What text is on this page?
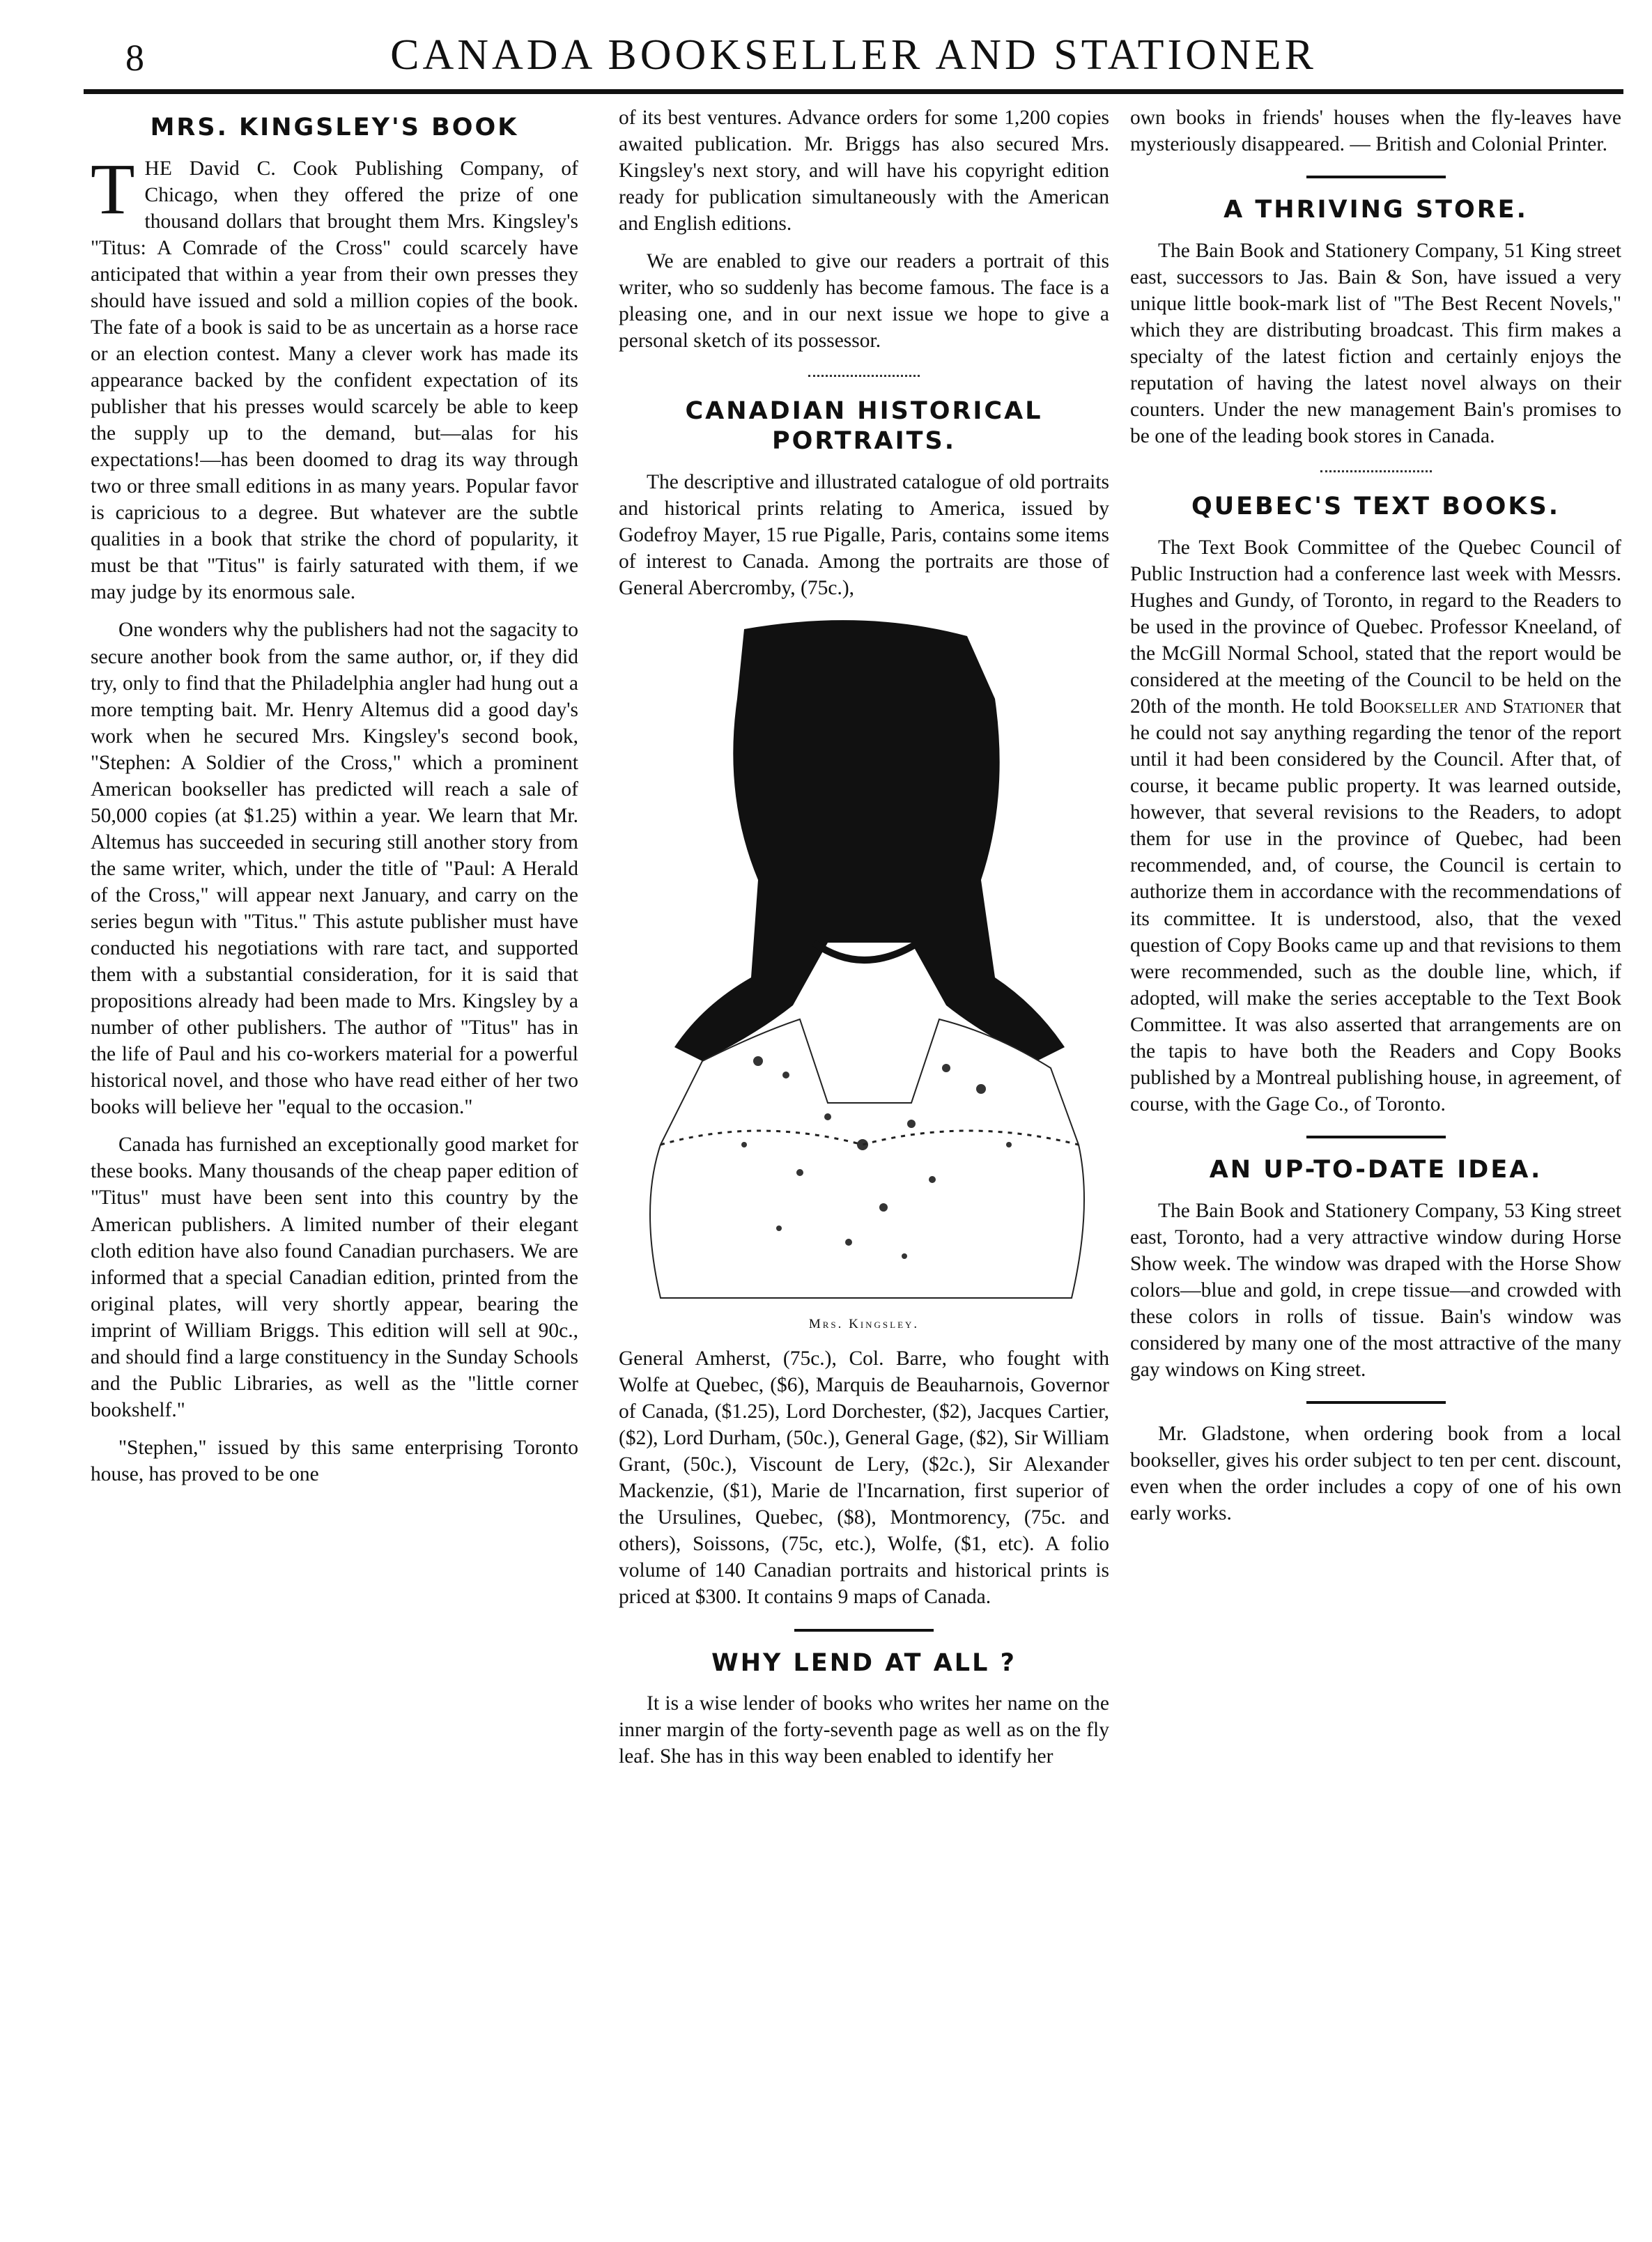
8	CANADA BOOKSELLER AND STATIONER
MRS. KINGSLEY'S BOOK
T HE David C. Cook Publishing Company, of Chicago, when they offered the prize of one thousand dollars that brought them Mrs. Kingsley's "Titus: A Comrade of the Cross" could scarcely have anticipated that within a year from their own presses they should have issued and sold a million copies of the book. The fate of a book is said to be as uncertain as a horse race or an election contest. Many a clever work has made its appearance backed by the confident expectation of its publisher that his presses would scarcely be able to keep the supply up to the demand, but—alas for his expectations!—has been doomed to drag its way through two or three small editions in as many years. Popular favor is capricious to a degree. But whatever are the subtle qualities in a book that strike the chord of popularity, it must be that "Titus" is fairly saturated with them, if we may judge by its enormous sale.

One wonders why the publishers had not the sagacity to secure another book from the same author, or, if they did try, only to find that the Philadelphia angler had hung out a more tempting bait. Mr. Henry Altemus did a good day's work when he secured Mrs. Kingsley's second book, "Stephen: A Soldier of the Cross," which a prominent American bookseller has predicted will reach a sale of 50,000 copies (at $1.25) within a year. We learn that Mr. Altemus has succeeded in securing still another story from the same writer, which, under the title of "Paul: A Herald of the Cross," will appear next January, and carry on the series begun with "Titus." This astute publisher must have conducted his negotiations with rare tact, and supported them with a substantial consideration, for it is said that propositions already had been made to Mrs. Kingsley by a number of other publishers. The author of "Titus" has in the life of Paul and his co-workers material for a powerful historical novel, and those who have read either of her two books will believe her "equal to the occasion."

Canada has furnished an exceptionally good market for these books. Many thousands of the cheap paper edition of "Titus" must have been sent into this country by the American publishers. A limited number of their elegant cloth edition have also found Canadian purchasers. We are informed that a special Canadian edition, printed from the original plates, will very shortly appear, bearing the imprint of William Briggs. This edition will sell at 90c., and should find a large constituency in the Sunday Schools and the Public Libraries, as well as the "little corner bookshelf."

"Stephen," issued by this same enterprising Toronto house, has proved to be one

of its best ventures. Advance orders for some 1,200 copies awaited publication. Mr. Briggs has also secured Mrs. Kingsley's next story, and will have his copyright edition ready for publication simultaneously with the American and English editions.

We are enabled to give our readers a portrait of this writer, who so suddenly has become famous. The face is a pleasing one, and in our next issue we hope to give a personal sketch of its possessor.

CANADIAN HISTORICAL PORTRAITS.

The descriptive and illustrated catalogue of old portraits and historical prints relating to America, issued by Godefroy Mayer, 15 rue Pigalle, Paris, contains some items of interest to Canada. Among the portraits are those of General Abercromby, (75c.),

Mrs. Kingsley.

General Amherst, (75c.), Col. Barre, who fought with Wolfe at Quebec, ($6), Marquis de Beauharnois, Governor of Canada, ($1.25), Lord Dorchester, ($2), Jacques Cartier, ($2), Lord Durham, (50c.), General Gage, ($2), Sir William Grant, (50c.), Viscount de Lery, ($2c.), Sir Alexander Mackenzie, ($1), Marie de l'Incarnation, first superior of the Ursulines, Quebec, ($8), Montmorency, (75c. and others), Soissons, (75c, etc.), Wolfe, ($1, etc). A folio volume of 140 Canadian portraits and historical prints is priced at $300. It contains 9 maps of Canada.

WHY LEND AT ALL ?

It is a wise lender of books who writes her name on the inner margin of the forty-seventh page as well as on the fly leaf. She has in this way been enabled to identify her

own books in friends' houses when the fly-leaves have mysteriously disappeared. — British and Colonial Printer.

A THRIVING STORE.

The Bain Book and Stationery Company, 51 King street east, successors to Jas. Bain & Son, have issued a very unique little book-mark list of "The Best Recent Novels," which they are distributing broadcast. This firm makes a specialty of the latest fiction and certainly enjoys the reputation of having the latest novel always on their counters. Under the new management Bain's promises to be one of the leading book stores in Canada.

QUEBEC'S TEXT BOOKS.

The Text Book Committee of the Quebec Council of Public Instruction had a conference last week with Messrs. Hughes and Gundy, of Toronto, in regard to the Readers to be used in the province of Quebec. Professor Kneeland, of the McGill Normal School, stated that the report would be considered at the meeting of the Council to be held on the 20th of the month. He told Bookseller and Stationer that he could not say anything regarding the tenor of the report until it had been considered by the Council. After that, of course, it became public property. It was learned outside, however, that several revisions to the Readers, to adopt them for use in the province of Quebec, had been recommended, and, of course, the Council is certain to authorize them in accordance with the recommendations of its committee. It is understood, also, that the vexed question of Copy Books came up and that revisions to them were recommended, such as the double line, which, if adopted, will make the series acceptable to the Text Book Committee. It was also asserted that arrangements are on the tapis to have both the Readers and Copy Books published by a Montreal publishing house, in agreement, of course, with the Gage Co., of Toronto.

AN UP-TO-DATE IDEA.

The Bain Book and Stationery Company, 53 King street east, Toronto, had a very attractive window during Horse Show week. The window was draped with the Horse Show colors—blue and gold, in crepe tissue—and crowded with these colors in rolls of tissue. Bain's window was considered by many one of the most attractive of the many gay windows on King street.

Mr. Gladstone, when ordering book from a local bookseller, gives his order subject to ten per cent. discount, even when the order includes a copy of one of his own early works.
